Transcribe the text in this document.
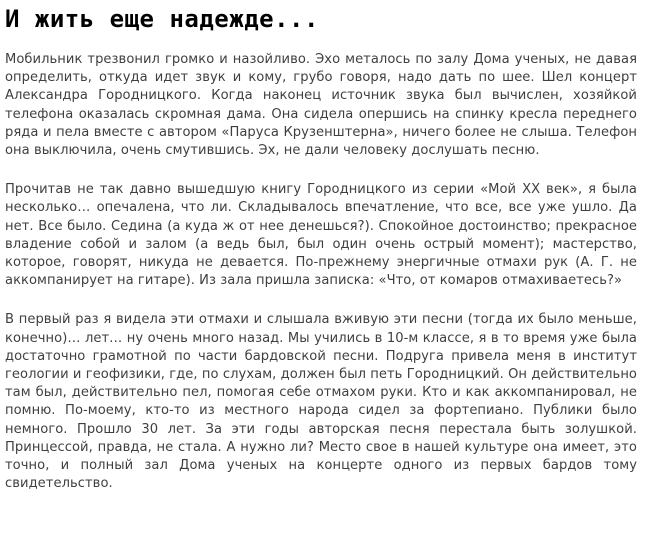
И жить еще надежде...

Мобильник трезвонил громко и назойливо. Эхо металось по залу Дома ученых, не давая определить, откуда идет звук и кому, грубо говоря, надо дать по шее. Шел концерт Александра Городницкого. Когда наконец источник звука был вычислен, хозяйкой телефона оказалась скромная дама. Она сидела опершись на спинку кресла переднего ряда и пела вместе с автором «Паруса Крузенштерна», ничего более не слыша. Телефон она выключила, очень смутившись. Эх, не дали человеку дослушать песню.

Прочитав не так давно вышедшую книгу Городницкого из серии «Мой ХХ век», я была несколько… опечалена, что ли. Складывалось впечатление, что все, все уже ушло. Да нет. Все было. Седина (а куда ж от нее денешься?). Спокойное достоинство; прекрасное владение собой и залом (а ведь был, был один очень острый момент); мастерство, которое, говорят, никуда не девается. По-прежнему энергичные отмахи рук (А. Г. не аккомпанирует на гитаре). Из зала пришла записка: «Что, от комаров отмахиваетесь?»

В первый раз я видела эти отмахи и слышала вживую эти песни (тогда их было меньше, конечно)… лет… ну очень много назад. Мы учились в 10-м классе, я в то время уже была достаточно грамотной по части бардовской песни. Подруга привела меня в институт геологии и геофизики, где, по слухам, должен был петь Городницкий. Он действительно там был, действительно пел, помогая себе отмахом руки. Кто и как аккомпанировал, не помню. По-моему, кто-то из местного народа сидел за фортепиано. Публики было немного. Прошло 30 лет. За эти годы авторская песня перестала быть золушкой. Принцессой, правда, не стала. А нужно ли? Место свое в нашей культуре она имеет, это точно, и полный зал Дома ученых на концерте одного из первых бардов тому свидетельство.
